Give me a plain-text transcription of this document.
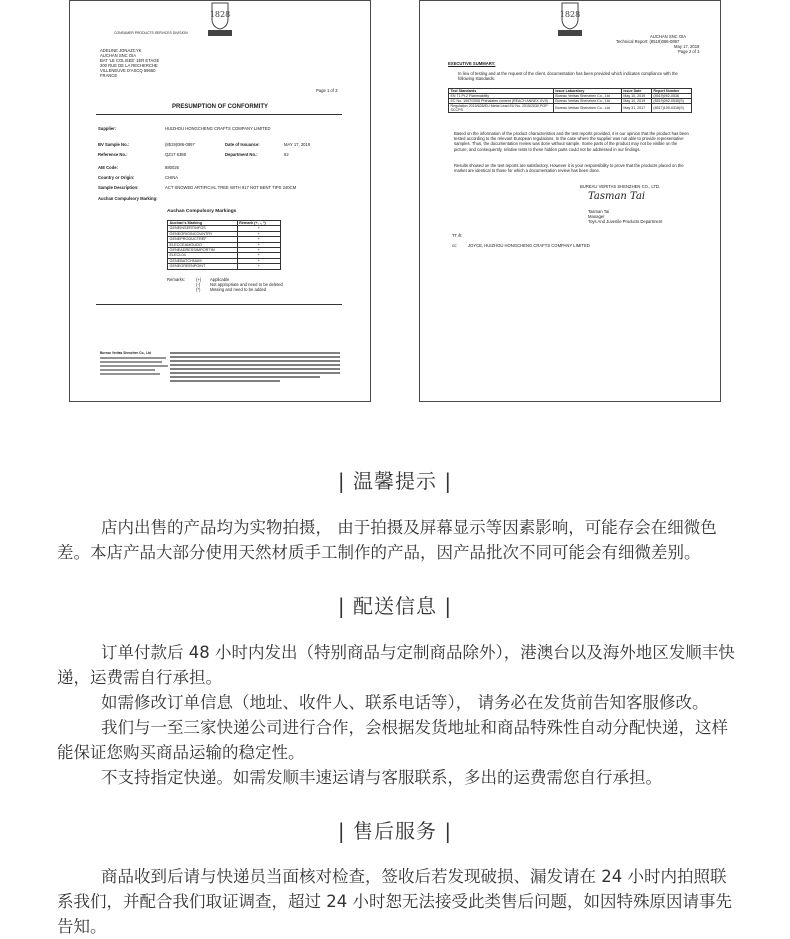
1828
CONSUMER PRODUCTS SERVICES DIVISION
ADELINE JONAZCYK
AUCHAN SNC OIA
BAT 'LE COLISEE' 1ER ETAGE
200 RUE DE LA RECHERCHE
VILLENEUVE D'ASCQ 59650
FRANCE
Page 1 of 3
PRESUMPTION OF CONFORMITY
Supplier:	HUIZHOU HONGCHENG CRAFTS COMPANY LIMITED
BV Sample No.:	(8519)086-0897	Date of Issuance:	MAY 17, 2019
Reference No.:	QZ17 6388	Department No.:	52
AIE Code:	880026
Country or Origin:	CHINA
Sample Description:	ACT SNOWED ARTIFICIAL TREE WITH 917 NOT BENT TIPS 240CM
Auchan Compulsory Marking:
Auchan Compulsory Markings
Auchan's Marking	Remark (+, -, *)
GENEINSERTINFOS	+
GENEORIGINCOUNTRY	+
GENEPRODUCTREF	+
ELECCEAMOUDO	+
GENEADRESSIMPORTIM	+
ELECL04	+
GENEBATCHNUM	+
GENEGREENPOINT	+
Remarks:	(+) Applicable
(-) Not appropriate and need to be deleted
(*) Missing and need to be added
Bureau Veritas Shenzhen Co., Ltd
1828
AUCHAN SNC OIA
Technical Report: (8519)086-0897
May 17, 2019
Page 2 of 3
EXECUTIVE SUMMARY:
In lieu of testing and at the request of the client, documentation has been provided which indicates compliance with the following standards.
Test Standards	Issue Laboratory	Issue Date	Report Number
EN 71 Pt.2 Flammability	Bureau Veritas Shenzhen Co., Ltd	May 10, 2019	(8519)092-0536
EC No. 1907/2006 Phthalates content (REACH ANNEX XVII)	Bureau Veritas Shenzhen Co., Ltd	May 10, 2019	(8519)092-0536(S)
Regulation 2015/628/EU Metal Lead EU No. 2015/2030 POP SCCPS	Bureau Veritas Shenzhen Co., Ltd	May 31, 2017	(8517)109-0318(S)
Based on the information of the product characteristics and the test reports provided, it is our opinion that the product has been tested according to the relevant European regulations. In the case where the supplier was not able to provide representative samples. Thus, the documentation review was done without sample. Some parts of the product may not be visible on the picture, and consequently, relative tests to these hidden parts could not be addressed in our findings.
Results showed on the test reports are satisfactory. However it is your responsibility to prove that the products placed on the market are identical to those for which a documentation review has been done.
BUREAU VERITAS SHENZHEN CO., LTD.
Tasman Tai
Tasman Tai
Manager
Toys And Juvenile Products Department
TT /lt
cc:	JOYCE, HUIZHOU HONGCHENG CRAFTS COMPANY LIMITED
| 温馨提示 |

店内出售的产品均为实物拍摄， 由于拍摄及屏幕显示等因素影响，可能存会在细微色差。本店产品大部分使用天然材质手工制作的产品，因产品批次不同可能会有细微差别。

| 配送信息 |

订单付款后 48 小时内发出（特别商品与定制商品除外），港澳台以及海外地区发顺丰快递，运费需自行承担。

如需修改订单信息（地址、收件人、联系电话等）， 请务必在发货前告知客服修改。

我们与一至三家快递公司进行合作，会根据发货地址和商品特殊性自动分配快递，这样能保证您购买商品运输的稳定性。

不支持指定快递。如需发顺丰速运请与客服联系，多出的运费需您自行承担。

| 售后服务 |

商品收到后请与快递员当面核对检查，签收后若发现破损、漏发请在 24 小时内拍照联系我们，并配合我们取证调查，超过 24 小时恕无法接受此类售后问题，如因特殊原因请事先告知。
